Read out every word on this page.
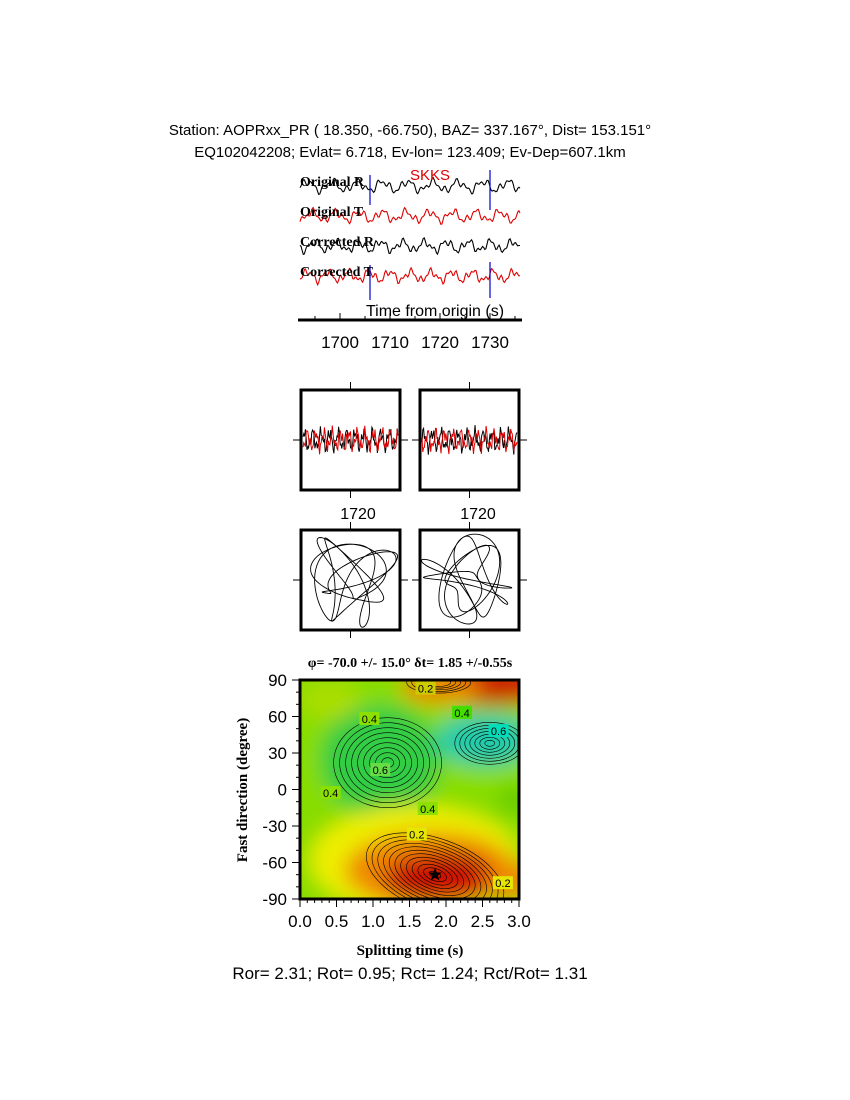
Station: AOPRxx_PR ( 18.350, -66.750), BAZ= 337.167°, Dist= 153.151°
EQ102042208; Evlat= 6.718, Ev-lon= 123.409; Ev-Dep=607.1km
Original R
Original T
Corrected R
Corrected T
SKKS
Time from origin (s)
1700 1710 1720 1730
1720	1720
φ= -70.0 +/- 15.0° δt= 1.85 +/-0.55s
0.0 0.5 1.0 1.5 2.0 2.5 3.0
90
60
30
0
-30
-60
-90
0.2
0.4
0.6
0.4
0.6
0.4
0.4
0.2
0.2
★
Splitting time (s)
Fast direction (degree)
Ror= 2.31; Rot= 0.95; Rct= 1.24; Rct/Rot= 1.31
